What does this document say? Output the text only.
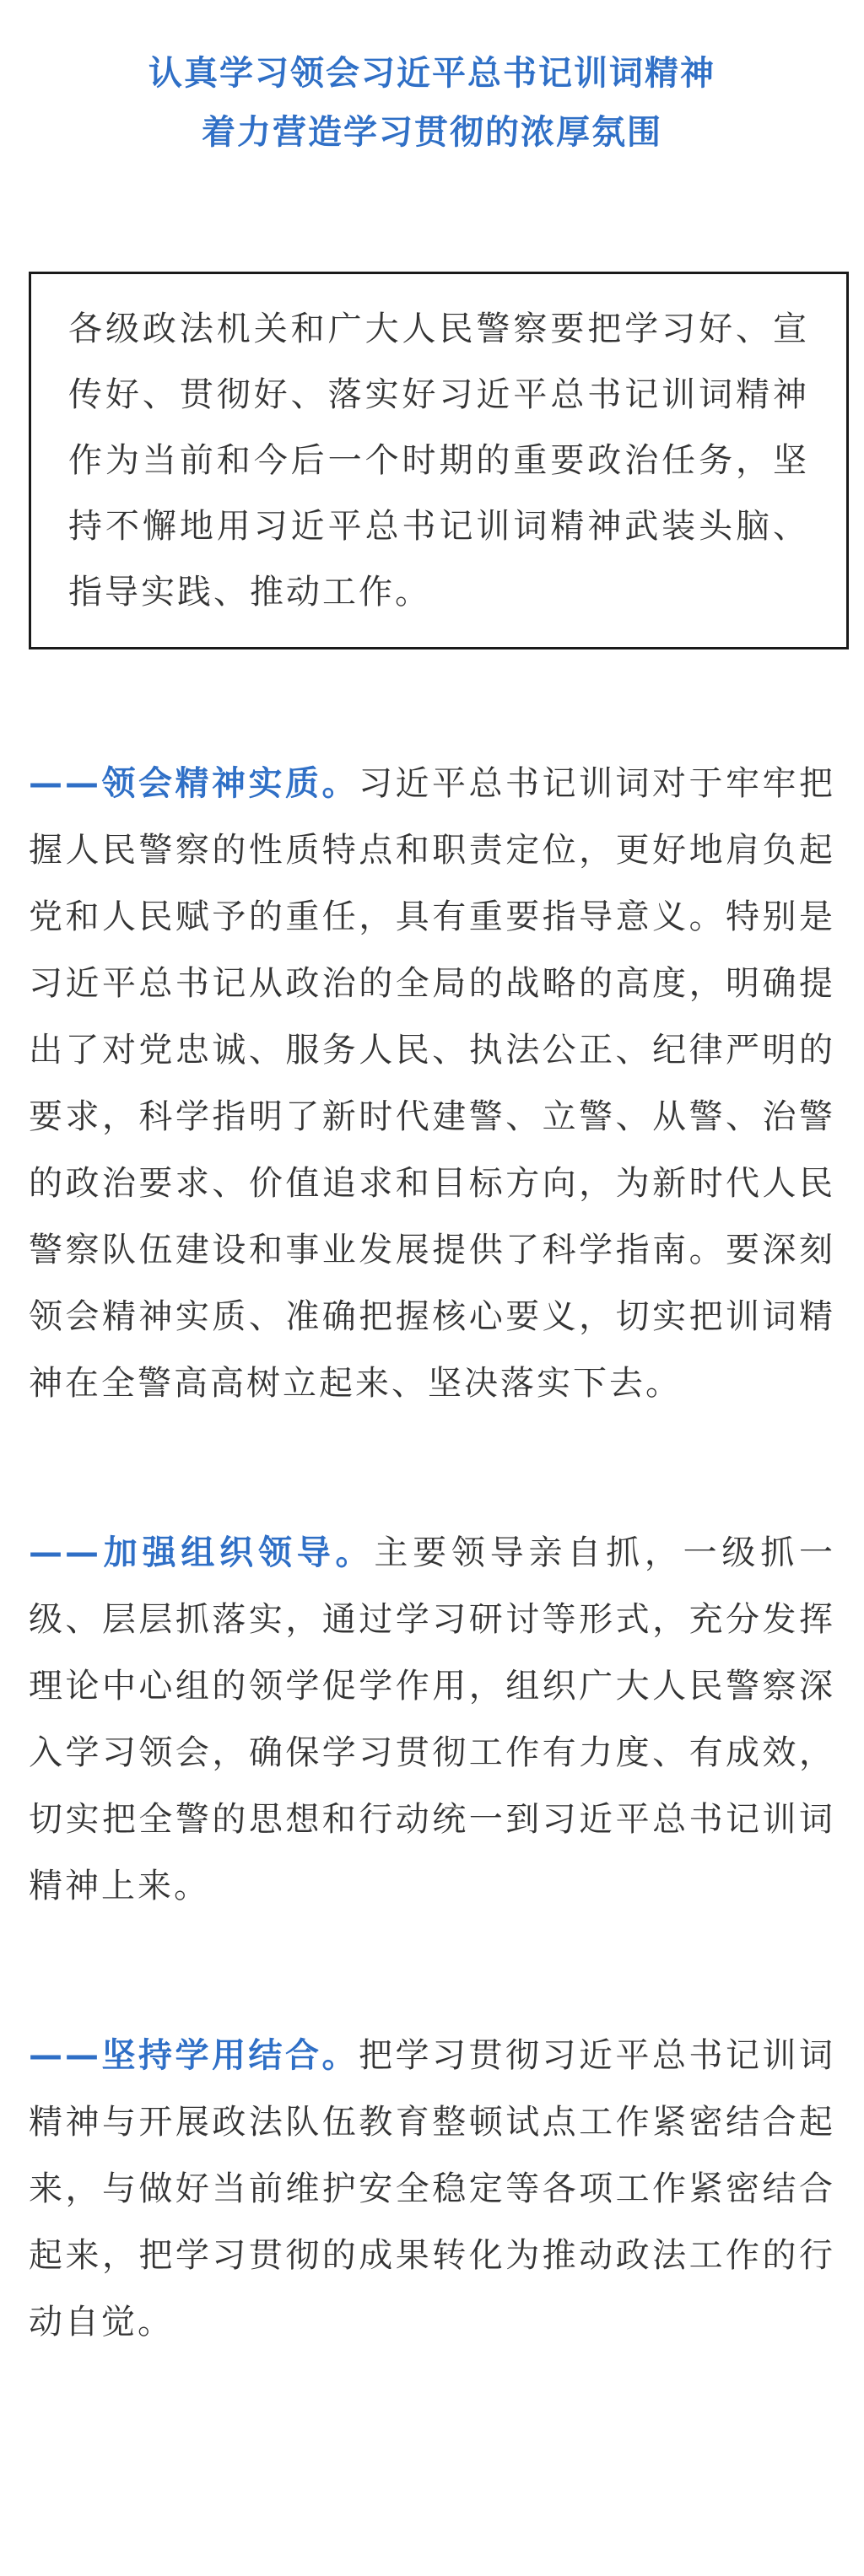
认真学习领会习近平总书记训词精神
着力营造学习贯彻的浓厚氛围
各级政法机关和广大人民警察要把学习好、宣传好、贯彻好、落实好习近平总书记训词精神作为当前和今后一个时期的重要政治任务，坚持不懈地用习近平总书记训词精神武装头脑、指导实践、推动工作。
——领会精神实质。习近平总书记训词对于牢牢把握人民警察的性质特点和职责定位，更好地肩负起党和人民赋予的重任，具有重要指导意义。特别是习近平总书记从政治的全局的战略的高度，明确提出了对党忠诚、服务人民、执法公正、纪律严明的要求，科学指明了新时代建警、立警、从警、治警的政治要求、价值追求和目标方向，为新时代人民警察队伍建设和事业发展提供了科学指南。要深刻领会精神实质、准确把握核心要义，切实把训词精神在全警高高树立起来、坚决落实下去。
——加强组织领导。主要领导亲自抓，一级抓一级、层层抓落实，通过学习研讨等形式，充分发挥理论中心组的领学促学作用，组织广大人民警察深入学习领会，确保学习贯彻工作有力度、有成效，切实把全警的思想和行动统一到习近平总书记训词精神上来。
——坚持学用结合。把学习贯彻习近平总书记训词精神与开展政法队伍教育整顿试点工作紧密结合起来，与做好当前维护安全稳定等各项工作紧密结合起来，把学习贯彻的成果转化为推动政法工作的行动自觉。
